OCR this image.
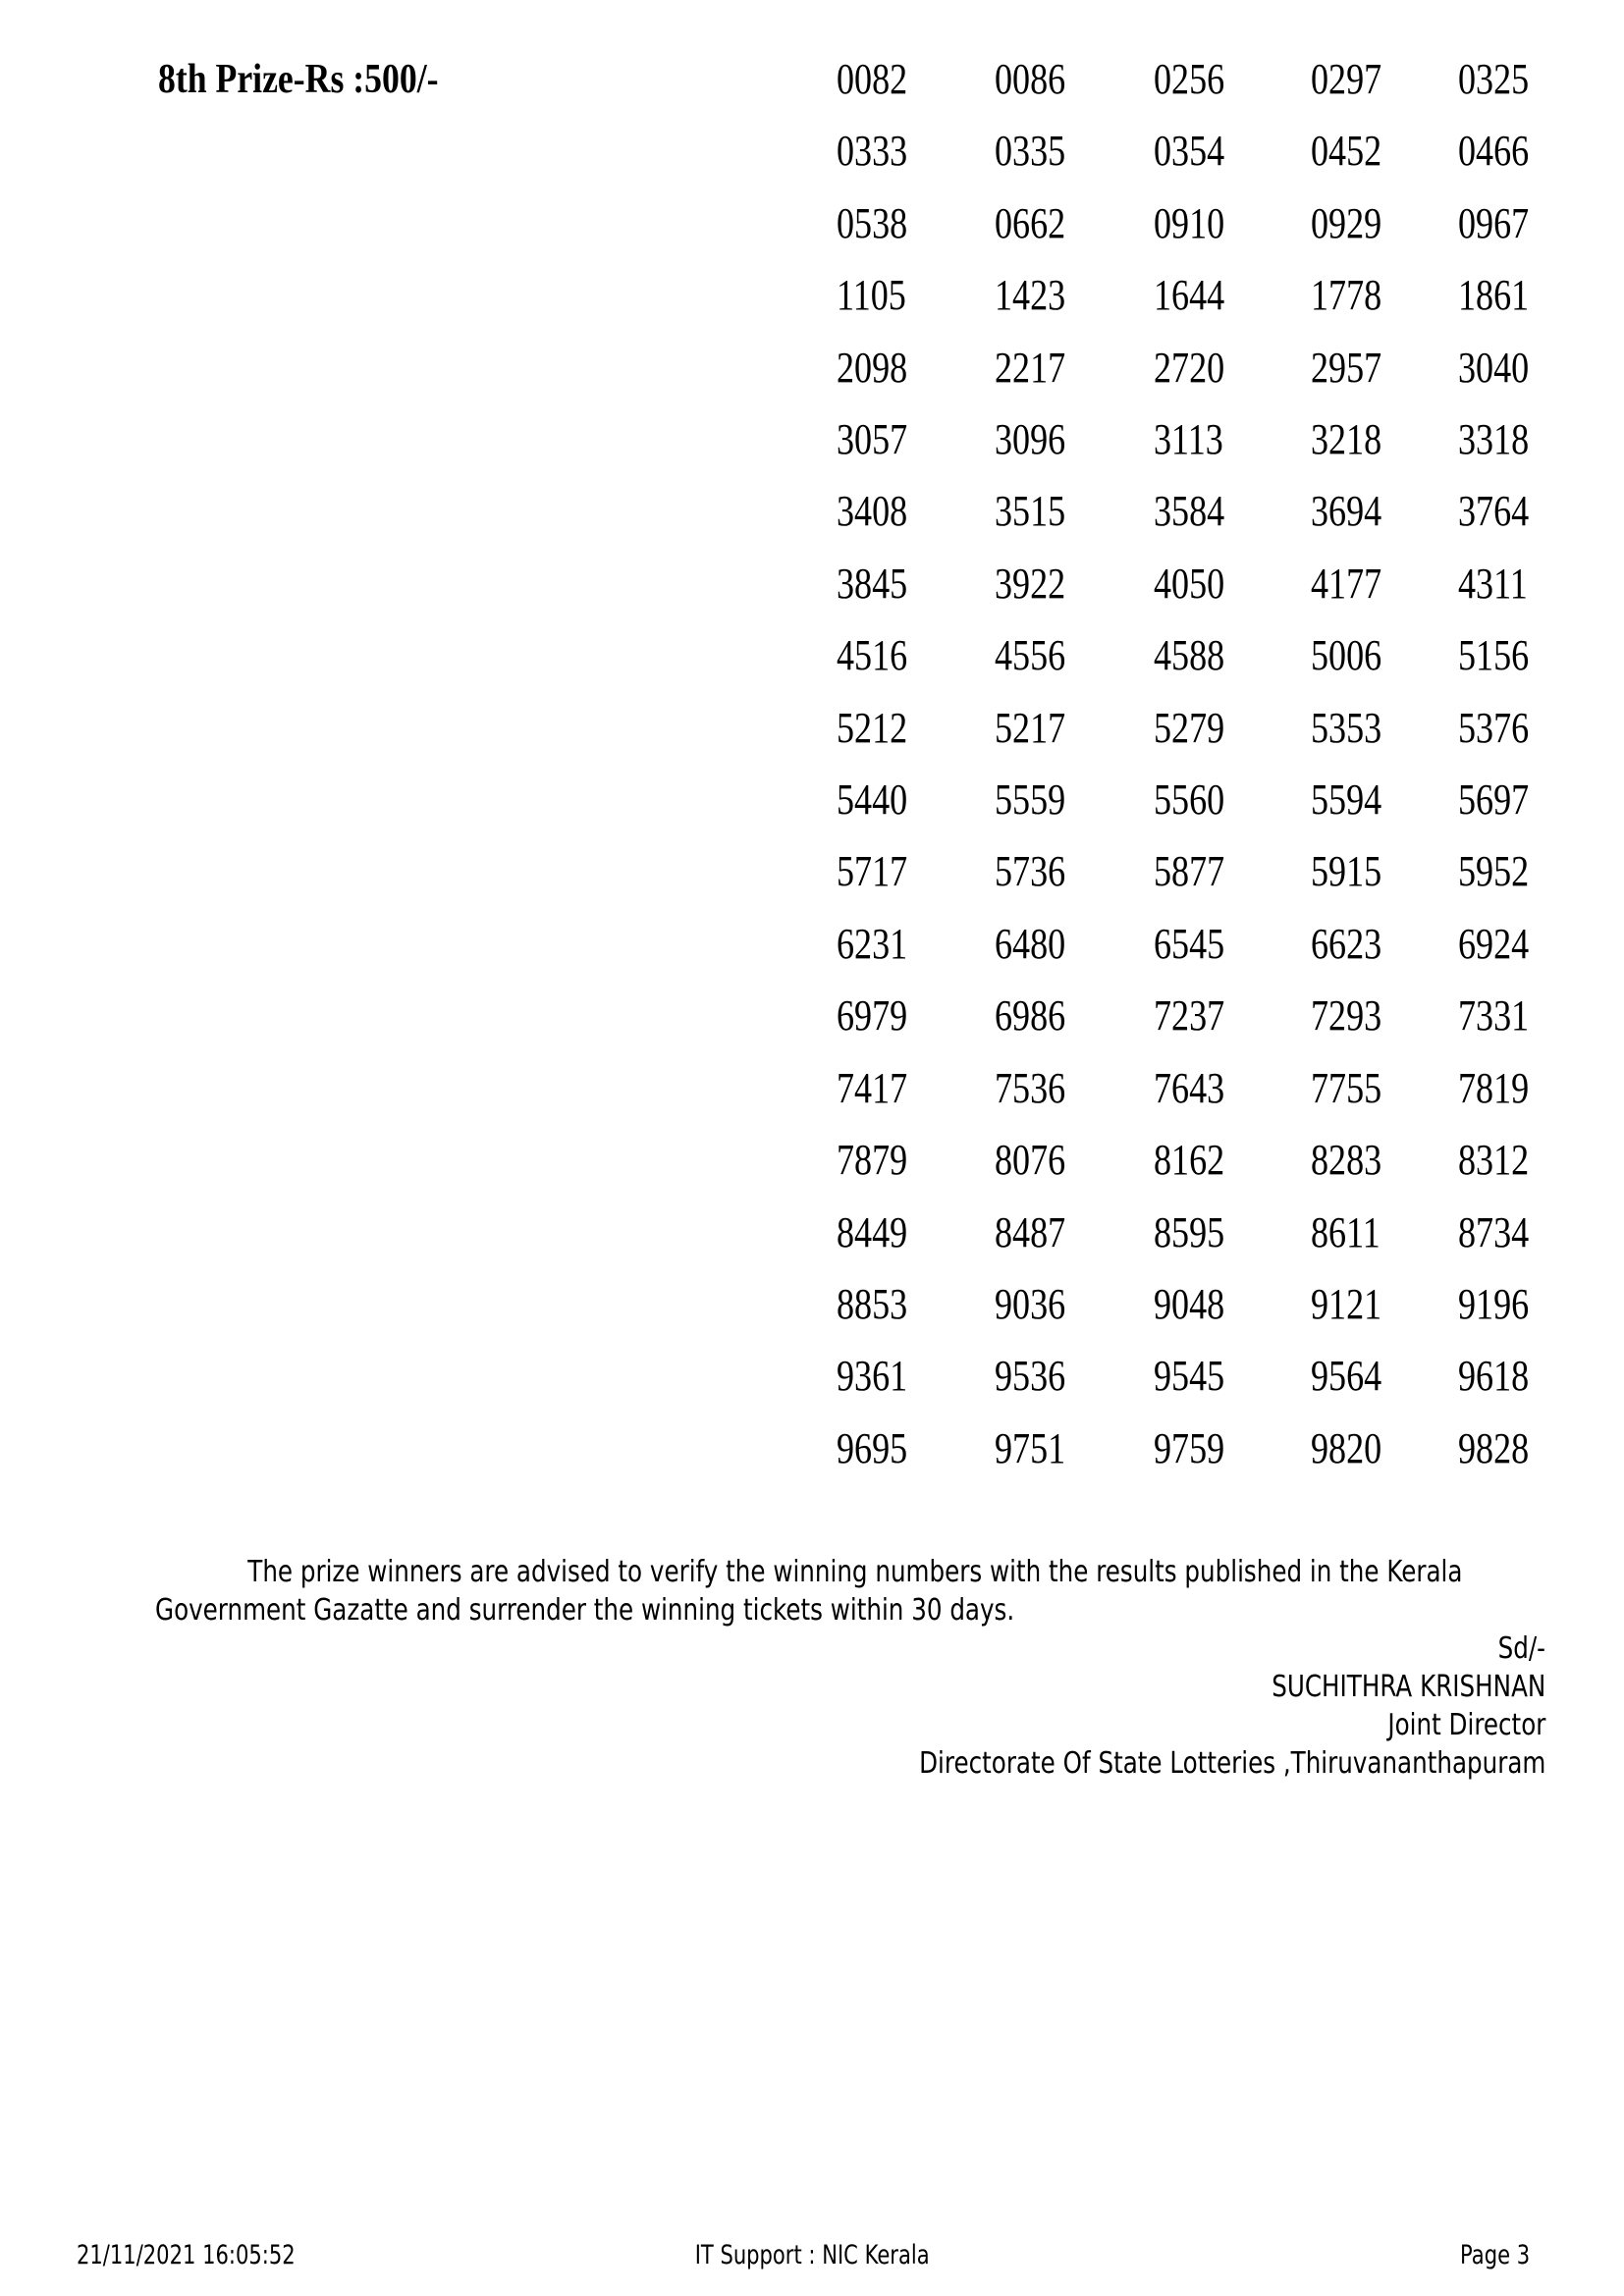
8th Prize-Rs :500/-	0082	0086	0256	0297	0325
0333	0335	0354	0452	0466
0538	0662	0910	0929	0967
1105	1423	1644	1778	1861
2098	2217	2720	2957	3040
3057	3096	3113	3218	3318
3408	3515	3584	3694	3764
3845	3922	4050	4177	4311
4516	4556	4588	5006	5156
5212	5217	5279	5353	5376
5440	5559	5560	5594	5697
5717	5736	5877	5915	5952
6231	6480	6545	6623	6924
6979	6986	7237	7293	7331
7417	7536	7643	7755	7819
7879	8076	8162	8283	8312
8449	8487	8595	8611	8734
8853	9036	9048	9121	9196
9361	9536	9545	9564	9618
9695	9751	9759	9820	9828
The prize winners are advised to verify the winning numbers with the results published in the Kerala
Government Gazatte and surrender the winning tickets within 30 days.
Sd/-
SUCHITHRA KRISHNAN
Joint Director
Directorate Of State Lotteries ,Thiruvananthapuram
21/11/2021 16:05:52	IT Support : NIC Kerala	Page 3
